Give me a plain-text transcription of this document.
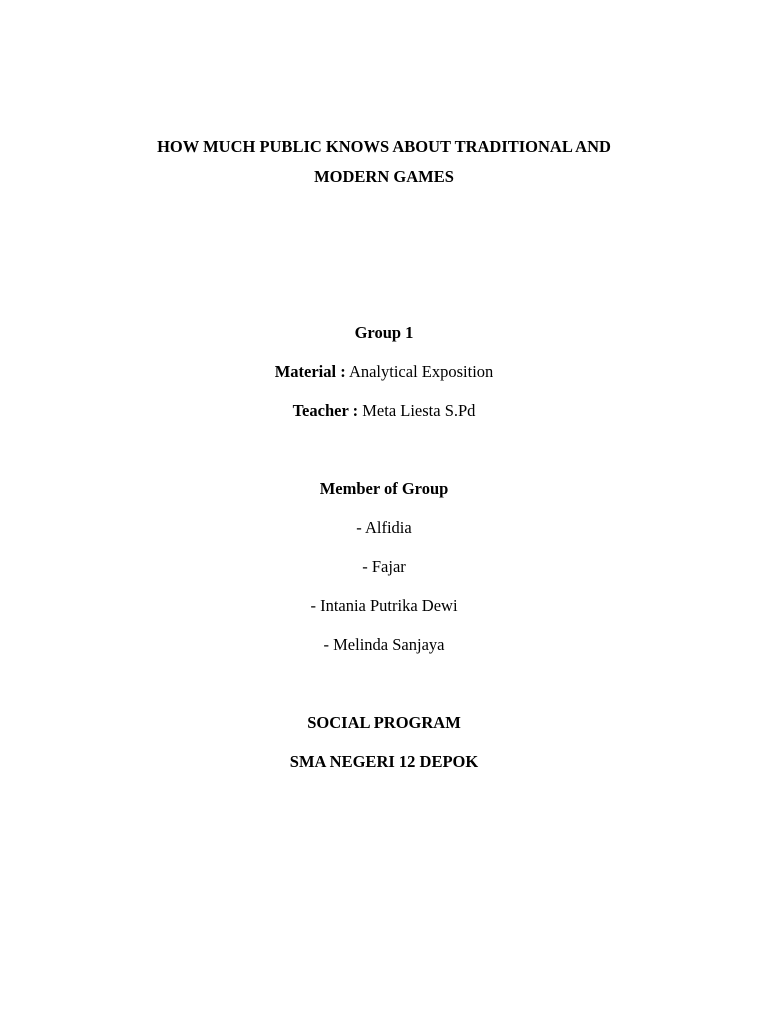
HOW MUCH PUBLIC KNOWS ABOUT TRADITIONAL AND
MODERN GAMES
Group 1
Material : Analytical Exposition
Teacher : Meta Liesta S.Pd
Member of Group
- Alfidia
- Fajar
- Intania Putrika Dewi
- Melinda Sanjaya
SOCIAL PROGRAM
SMA NEGERI 12 DEPOK
